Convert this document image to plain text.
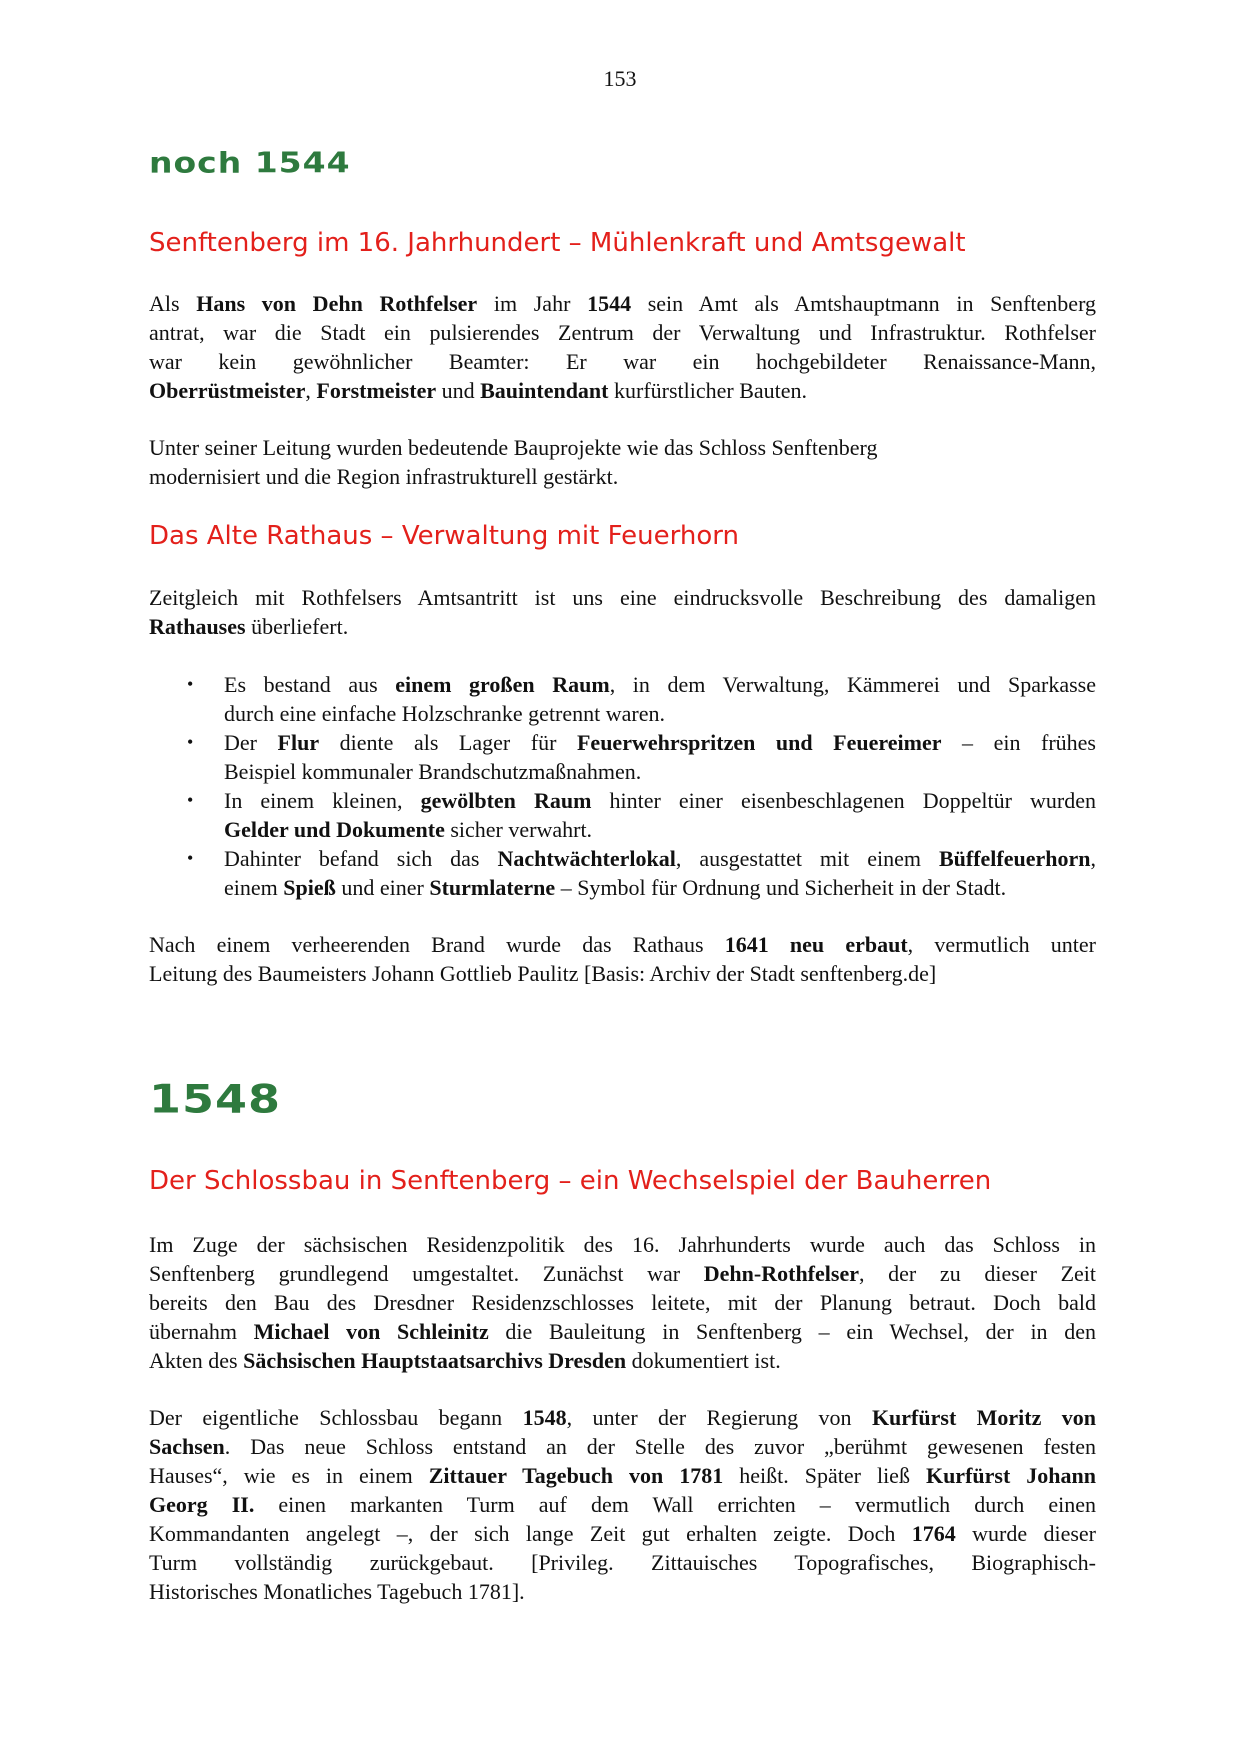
153
noch 1544
Senftenberg im 16. Jahrhundert – Mühlenkraft und Amtsgewalt

Als Hans von Dehn Rothfelser im Jahr 1544 sein Amt als Amtshauptmann in Senftenberg
antrat, war die Stadt ein pulsierendes Zentrum der Verwaltung und Infrastruktur. Rothfelser
war kein gewöhnlicher Beamter: Er war ein hochgebildeter Renaissance-Mann,
Oberrüstmeister, Forstmeister und Bauintendant kurfürstlicher Bauten.

Unter seiner Leitung wurden bedeutende Bauprojekte wie das Schloss Senftenberg
modernisiert und die Region infrastrukturell gestärkt.

Das Alte Rathaus – Verwaltung mit Feuerhorn

Zeitgleich mit Rothfelsers Amtsantritt ist uns eine eindrucksvolle Beschreibung des damaligen
Rathauses überliefert.

• Es bestand aus einem großen Raum, in dem Verwaltung, Kämmerei und Sparkasse
durch eine einfache Holzschranke getrennt waren.
• Der Flur diente als Lager für Feuerwehrspritzen und Feuereimer – ein frühes
Beispiel kommunaler Brandschutzmaßnahmen.
• In einem kleinen, gewölbten Raum hinter einer eisenbeschlagenen Doppeltür wurden
Gelder und Dokumente sicher verwahrt.
• Dahinter befand sich das Nachtwächterlokal, ausgestattet mit einem Büffelfeuerhorn,
einem Spieß und einer Sturmlaterne – Symbol für Ordnung und Sicherheit in der Stadt.

Nach einem verheerenden Brand wurde das Rathaus 1641 neu erbaut, vermutlich unter
Leitung des Baumeisters Johann Gottlieb Paulitz [Basis: Archiv der Stadt senftenberg.de]

1548
Der Schlossbau in Senftenberg – ein Wechselspiel der Bauherren

Im Zuge der sächsischen Residenzpolitik des 16. Jahrhunderts wurde auch das Schloss in
Senftenberg grundlegend umgestaltet. Zunächst war Dehn-Rothfelser, der zu dieser Zeit
bereits den Bau des Dresdner Residenzschlosses leitete, mit der Planung betraut. Doch bald
übernahm Michael von Schleinitz die Bauleitung in Senftenberg – ein Wechsel, der in den
Akten des Sächsischen Hauptstaatsarchivs Dresden dokumentiert ist.

Der eigentliche Schlossbau begann 1548, unter der Regierung von Kurfürst Moritz von
Sachsen. Das neue Schloss entstand an der Stelle des zuvor „berühmt gewesenen festen
Hauses“, wie es in einem Zittauer Tagebuch von 1781 heißt. Später ließ Kurfürst Johann
Georg II. einen markanten Turm auf dem Wall errichten – vermutlich durch einen
Kommandanten angelegt –, der sich lange Zeit gut erhalten zeigte. Doch 1764 wurde dieser
Turm vollständig zurückgebaut. [Privileg. Zittauisches Topografisches, Biographisch-
Historisches Monatliches Tagebuch 1781].
